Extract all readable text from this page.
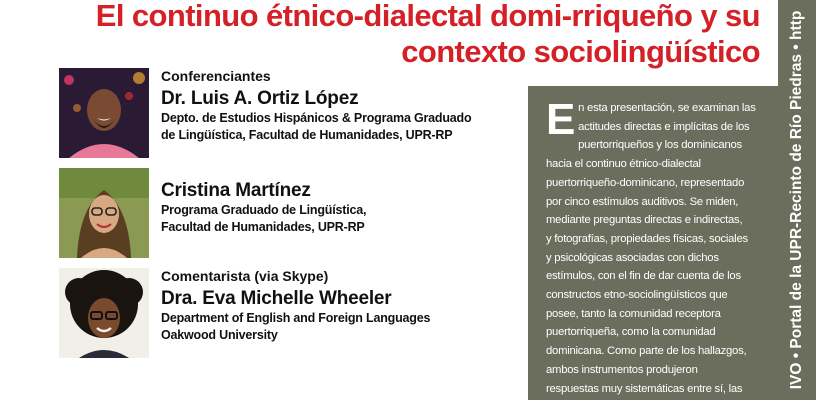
El continuo étnico-dialectal domi-rriqueño y su
contexto sociolingüístico

Conferenciantes

Dr. Luis A. Ortiz López

Depto. de Estudios Hispánicos & Programa Graduado

de Lingüística, Facultad de Humanidades, UPR-RP

Cristina Martínez

Programa Graduado de Lingüística,

Facultad de Humanidades, UPR-RP

Comentarista (via Skype)

Dra. Eva Michelle Wheeler

Department of English and Foreign Languages

Oakwood University

E n esta presentación, se examinan las
actitudes directas e implícitas de los
puertorriqueños y los dominicanos
hacia el continuo étnico-dialectal
puertorriqueño-dominicano, representado
por cinco estímulos auditivos. Se miden,
mediante preguntas directas e indirectas,
y fotografías, propiedades físicas, sociales
y psicológicas asociadas con dichos
estímulos, con el fin de dar cuenta de los
constructos etno-sociolingüísticos que
posee, tanto la comunidad receptora
puertorriqueña, como la comunidad
dominicana. Como parte de los hallazgos,
ambos instrumentos produjeron
respuestas muy sistemáticas entre sí, las	IVO • Portal de la UPR-Recinto de Río Piedras • http
